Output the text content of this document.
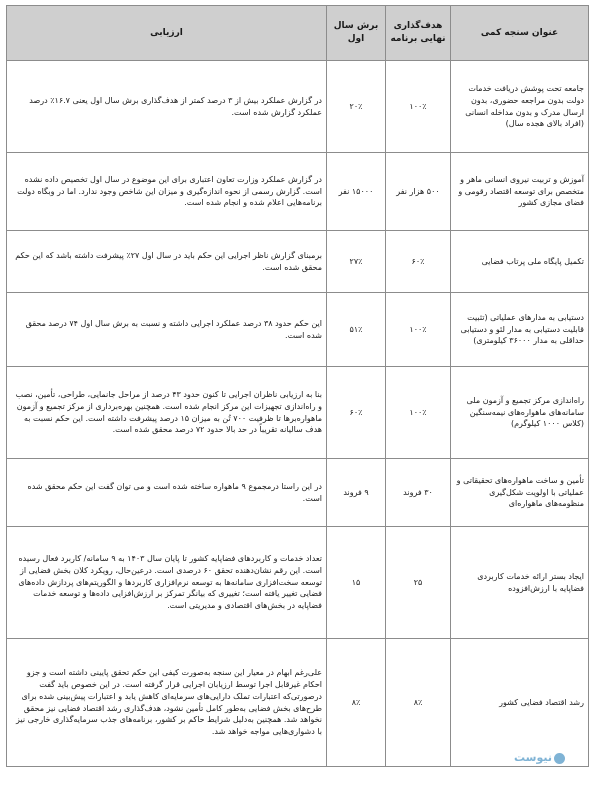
عنوان سنجه کمی	هدف‌گذاری نهایی برنامه	برش سال اول	ارزیابی
جامعه تحت پوشش دریافت خدمات دولت بدون مراجعه حضوری، بدون ارسال مدرک و بدون مداخله انسانی (افراد بالای هجده سال)	۱۰۰٪	۲۰٪	در گزارش عملکرد بیش از ۳ درصد کمتر از هدف‌گذاری برش سال اول یعنی ۱۶.۷٪ درصد عملکرد گزارش شده است.
آموزش و تربیت نیروی انسانی ماهر و متخصص برای توسعه اقتصاد رقومی و فضای مجازی کشور	۵۰۰ هزار نفر	۱۵۰۰۰ نفر	در گزارش عملکرد وزارت تعاون اعتباری برای این موضوع در سال اول تخصیص داده نشده است. گزارش رسمی از نحوه اندازه‌گیری و میزان این شاخص وجود ندارد. اما در وبگاه دولت برنامه‌هایی اعلام شده و انجام شده است.
تکمیل پایگاه ملی پرتاب فضایی	۶۰٪	۲۷٪	برمبنای گزارش ناظر اجرایی این حکم باید در سال اول ۲۷٪ پیشرفت داشته باشد که این حکم محقق شده است.
دستیابی به مدارهای عملیاتی (تثبیت قابلیت دستیابی به مدار لئو و دستیابی حداقلی به مدار ۳۶۰۰۰ کیلومتری)	۱۰۰٪	۵۱٪	این حکم حدود ۳۸ درصد عملکرد اجرایی داشته و نسبت به برش سال اول ۷۴ درصد محقق شده است.
راه‌اندازی مرکز تجمیع و آزمون ملی سامانه‌های ماهواره‌های نیمه‌سنگین (کلاس ۱۰۰۰ کیلوگرم)	۱۰۰٪	۶۰٪	بنا به ارزیابی ناظران اجرایی تا کنون حدود ۴۳ درصد از مراحل جانمایی، طراحی، تأمین، نصب و راه‌اندازی تجهیزات این مرکز انجام شده است. همچنین بهره‌برداری از مرکز تجمیع و آزمون ماهواره‌برها تا ظرفیت ۷۰۰ تُن به میزان ۱۵ درصد پیشرفت داشته است. این حکم نسبت به هدف سالیانه تقریباً در حد بالا حدود ۷۲ درصد محقق شده است.
تأمین و ساخت ماهواره‌های تحقیقاتی و عملیاتی با اولویت شکل‌گیری منظومه‌های ماهواره‌ای	۳۰ فروند	۹ فروند	در این راستا درمجموع ۹ ماهواره ساخته شده است و می توان گفت این حکم محقق شده است.
ایجاد بستر ارائه خدمات کاربردی فضاپایه با ارزش‌افزوده	۲۵	۱۵	تعداد خدمات و کاربردهای فضاپایه کشور تا پایان سال ۱۴۰۳ به ۹ سامانه/ کاربرد فعال رسیده است. این رقم نشان‌دهنده تحقق ۶۰ درصدی است. درعین‌حال، رویکرد کلان بخش فضایی از توسعه سخت‌افزاری سامانه‌ها به توسعه نرم‌افزاری کاربردها و الگوریتم‌های پردازش داده‌های فضایی تغییر یافته است؛ تغییری که بیانگر تمرکز بر ارزش‌افزایی داده‌ها و توسعه خدمات فضاپایه در بخش‌های اقتصادی و مدیریتی است.
رشد اقتصاد فضایی کشور	۸٪	۸٪	علی‌رغم ابهام در معیار این سنجه به‌صورت کیفی این حکم تحقق پایینی داشته است و جزو احکام غیرقابل اجرا توسط ارزیابان اجرایی قرار گرفته است. در این خصوص باید گفت درصورتی‌که اعتبارات تملک دارایی‌های سرمایه‌ای کاهش یابد و اعتبارات پیش‌بینی شده برای طرح‌های بخش فضایی به‌طور کامل تأمین نشود، هدف‌گذاری رشد اقتصاد فضایی نیز محقق نخواهد شد. همچنین به‌دلیل شرایط حاکم بر کشور، برنامه‌های جذب سرمایه‌گذاری خارجی نیز با دشواری‌هایی مواجه خواهد شد.
نیوست
